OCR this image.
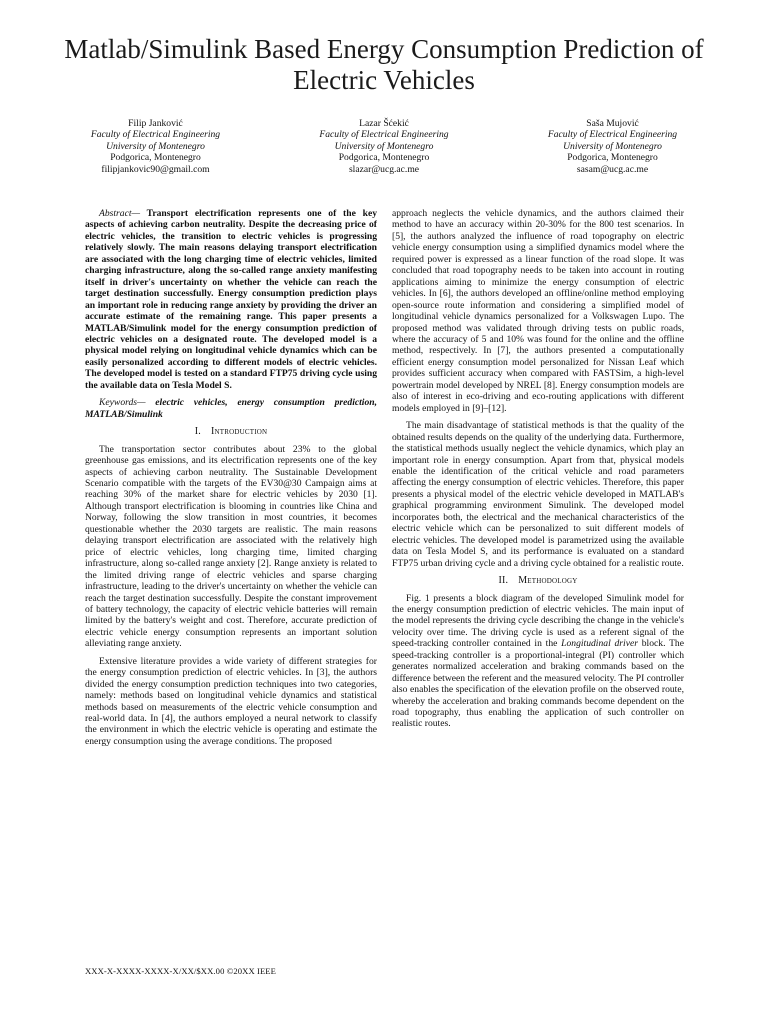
Matlab/Simulink Based Energy Consumption Prediction of Electric Vehicles
Filip Janković
Faculty of Electrical Engineering
University of Montenegro
Podgorica, Montenegro
filipjankovic90@gmail.com
Lazar Šćekić
Faculty of Electrical Engineering
University of Montenegro
Podgorica, Montenegro
slazar@ucg.ac.me
Saša Mujović
Faculty of Electrical Engineering
University of Montenegro
Podgorica, Montenegro
sasam@ucg.ac.me

Abstract— Transport electrification represents one of the key aspects of achieving carbon neutrality. Despite the decreasing price of electric vehicles, the transition to electric vehicles is progressing relatively slowly. The main reasons delaying transport electrification are associated with the long charging time of electric vehicles, limited charging infrastructure, along the so-called range anxiety manifesting itself in driver's uncertainty on whether the vehicle can reach the target destination successfully. Energy consumption prediction plays an important role in reducing range anxiety by providing the driver an accurate estimate of the remaining range. This paper presents a MATLAB/Simulink model for the energy consumption prediction of electric vehicles on a designated route. The developed model is a physical model relying on longitudinal vehicle dynamics which can be easily personalized according to different models of electric vehicles. The developed model is tested on a standard FTP75 driving cycle using the available data on Tesla Model S.

Keywords— electric vehicles, energy consumption prediction, MATLAB/Simulink

I. Introduction

The transportation sector contributes about 23% to the global greenhouse gas emissions, and its electrification represents one of the key aspects of achieving carbon neutrality. The Sustainable Development Scenario compatible with the targets of the EV30@30 Campaign aims at reaching 30% of the market share for electric vehicles by 2030 [1]. Although transport electrification is blooming in countries like China and Norway, following the slow transition in most countries, it becomes questionable whether the 2030 targets are realistic. The main reasons delaying transport electrification are associated with the relatively high price of electric vehicles, long charging time, limited charging infrastructure, along so-called range anxiety [2]. Range anxiety is related to the limited driving range of electric vehicles and sparse charging infrastructure, leading to the driver's uncertainty on whether the vehicle can reach the target destination successfully. Despite the constant improvement of battery technology, the capacity of electric vehicle batteries will remain limited by the battery's weight and cost. Therefore, accurate prediction of electric vehicle energy consumption represents an important solution alleviating range anxiety.

Extensive literature provides a wide variety of different strategies for the energy consumption prediction of electric vehicles. In [3], the authors divided the energy consumption prediction techniques into two categories, namely: methods based on longitudinal vehicle dynamics and statistical methods based on measurements of the electric vehicle consumption and real-world data. In [4], the authors employed a neural network to classify the environment in which the electric vehicle is operating and estimate the energy consumption using the average conditions. The proposed

approach neglects the vehicle dynamics, and the authors claimed their method to have an accuracy within 20-30% for the 800 test scenarios. In [5], the authors analyzed the influence of road topography on electric vehicle energy consumption using a simplified dynamics model where the required power is expressed as a linear function of the road slope. It was concluded that road topography needs to be taken into account in routing applications aiming to minimize the energy consumption of electric vehicles. In [6], the authors developed an offline/online method employing open-source route information and considering a simplified model of longitudinal vehicle dynamics personalized for a Volkswagen Lupo. The proposed method was validated through driving tests on public roads, where the accuracy of 5 and 10% was found for the online and the offline method, respectively. In [7], the authors presented a computationally efficient energy consumption model personalized for Nissan Leaf which provides sufficient accuracy when compared with FASTSim, a high-level powertrain model developed by NREL [8]. Energy consumption models are also of interest in eco-driving and eco-routing applications with different models employed in [9]–[12].

The main disadvantage of statistical methods is that the quality of the obtained results depends on the quality of the underlying data. Furthermore, the statistical methods usually neglect the vehicle dynamics, which play an important role in energy consumption. Apart from that, physical models enable the identification of the critical vehicle and road parameters affecting the energy consumption of electric vehicles. Therefore, this paper presents a physical model of the electric vehicle developed in MATLAB's graphical programming environment Simulink. The developed model incorporates both, the electrical and the mechanical characteristics of the electric vehicle which can be personalized to suit different models of electric vehicles. The developed model is parametrized using the available data on Tesla Model S, and its performance is evaluated on a standard FTP75 urban driving cycle and a driving cycle obtained for a realistic route.

II. Methodology

Fig. 1 presents a block diagram of the developed Simulink model for the energy consumption prediction of electric vehicles. The main input of the model represents the driving cycle describing the change in the vehicle's velocity over time. The driving cycle is used as a referent signal of the speed-tracking controller contained in the Longitudinal driver block. The speed-tracking controller is a proportional-integral (PI) controller which generates normalized acceleration and braking commands based on the difference between the referent and the measured velocity. The PI controller also enables the specification of the elevation profile on the observed route, whereby the acceleration and braking commands become dependent on the road topography, thus enabling the application of such controller on realistic routes.

XXX-X-XXXX-XXXX-X/XX/$XX.00 ©20XX IEEE
